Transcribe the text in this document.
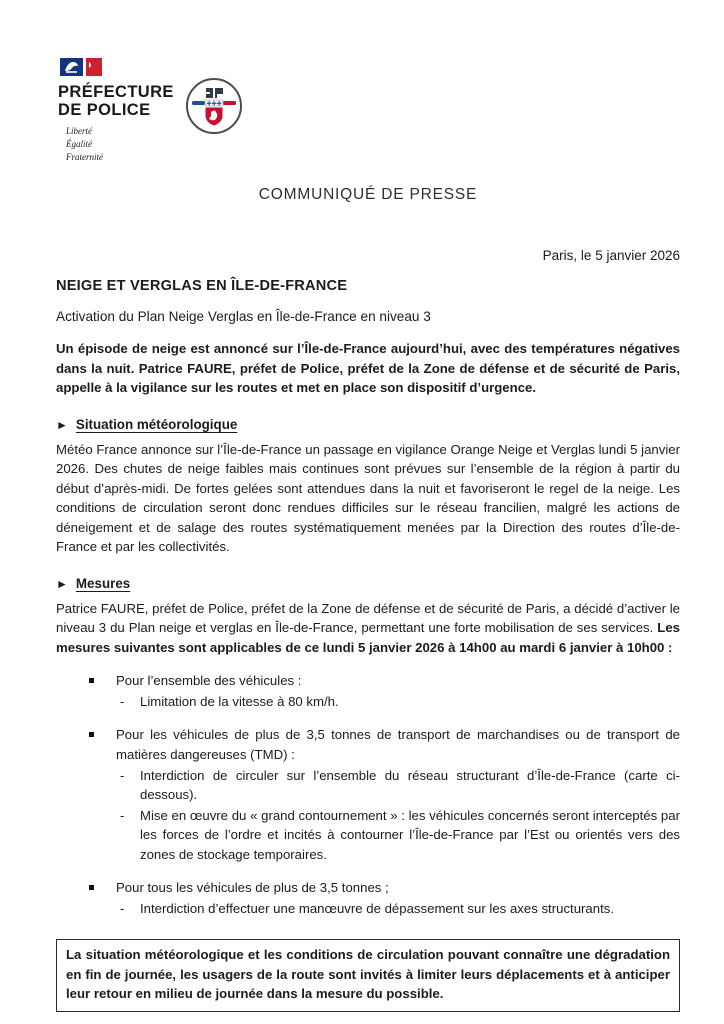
PRÉFECTURE
DE POLICE
Liberté
Égalité
Fraternité
✚✚✚
COMMUNIQUÉ DE PRESSE
Paris, le 5 janvier 2026
NEIGE ET VERGLAS EN ÎLE-DE-FRANCE
Activation du Plan Neige Verglas en Île-de-France en niveau 3

Un épisode de neige est annoncé sur l’Île-de-France aujourd’hui, avec des températures négatives dans la nuit. Patrice FAURE, préfet de Police, préfet de la Zone de défense et de sécurité de Paris, appelle à la vigilance sur les routes et met en place son dispositif d’urgence.

► Situation météorologique

Météo France annonce sur l’Île-de-France un passage en vigilance Orange Neige et Verglas lundi 5 janvier 2026. Des chutes de neige faibles mais continues sont prévues sur l’ensemble de la région à partir du début d’après-midi. De fortes gelées sont attendues dans la nuit et favoriseront le regel de la neige. Les conditions de circulation seront donc rendues difficiles sur le réseau francilien, malgré les actions de déneigement et de salage des routes systématiquement menées par la Direction des routes d’Île-de-France et par les collectivités.

► Mesures

Patrice FAURE, préfet de Police, préfet de la Zone de défense et de sécurité de Paris, a décidé d’activer le niveau 3 du Plan neige et verglas en Île-de-France, permettant une forte mobilisation de ses services. Les mesures suivantes sont applicables de ce lundi 5 janvier 2026 à 14h00 au mardi 6 janvier à 10h00 :

Pour l’ensemble des véhicules :
-	Limitation de la vitesse à 80 km/h.
Pour les véhicules de plus de 3,5 tonnes de transport de marchandises ou de transport de matières dangereuses (TMD) :
-	Interdiction de circuler sur l’ensemble du réseau structurant d’Île-de-France (carte ci-dessous).
-	Mise en œuvre du « grand contournement » : les véhicules concernés seront interceptés par les forces de l’ordre et incités à contourner l’Île-de-France par l’Est ou orientés vers des zones de stockage temporaires.
Pour tous les véhicules de plus de 3,5 tonnes ;
-	Interdiction d’effectuer une manœuvre de dépassement sur les axes structurants.
La situation météorologique et les conditions de circulation pouvant connaître une dégradation en fin de journée, les usagers de la route sont invités à limiter leurs déplacements et à anticiper leur retour en milieu de journée dans la mesure du possible.
